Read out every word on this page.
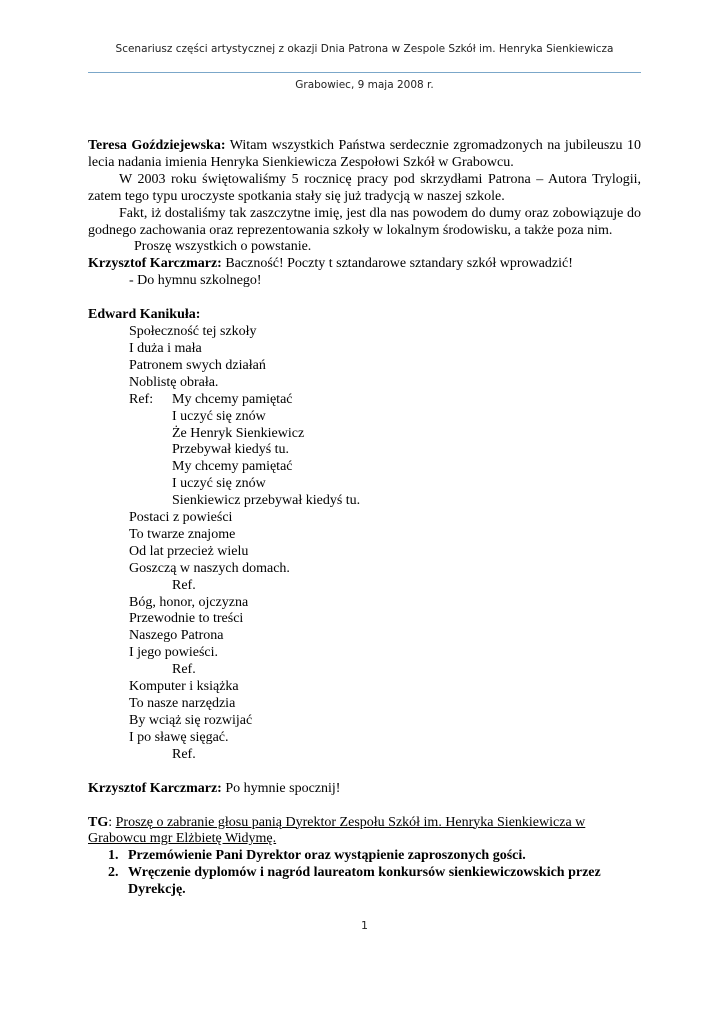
Scenariusz części artystycznej z okazji Dnia Patrona w Zespole Szkół im. Henryka Sienkiewicza
Grabowiec, 9 maja 2008 r.

Teresa Goździejewska: Witam wszystkich Państwa serdecznie zgromadzonych na jubileuszu 10 lecia nadania imienia Henryka Sienkiewicza Zespołowi Szkół w Grabowcu.

W 2003 roku świętowaliśmy 5 rocznicę pracy pod skrzydłami Patrona – Autora Trylogii, zatem tego typu uroczyste spotkania stały się już tradycją w naszej szkole.

Fakt, iż dostaliśmy tak zaszczytne imię, jest dla nas powodem do dumy oraz zobowiązuje do godnego zachowania oraz reprezentowania szkoły w lokalnym środowisku, a także poza nim.

Proszę wszystkich o powstanie.

Krzysztof Karczmarz: Baczność! Poczty t sztandarowe sztandary szkół wprowadzić!

- Do hymnu szkolnego!

Edward Kanikuła:

Społeczność tej szkoły
I duża i mała
Patronem swych działań
Noblistę obrała.
Ref: My chcemy pamiętać
I uczyć się znów
Że Henryk Sienkiewicz
Przebywał kiedyś tu.
My chcemy pamiętać
I uczyć się znów
Sienkiewicz przebywał kiedyś tu.
Postaci z powieści
To twarze znajome
Od lat przecież wielu
Goszczą w naszych domach.
Ref.
Bóg, honor, ojczyzna
Przewodnie to treści
Naszego Patrona
I jego powieści.
Ref.
Komputer i książka
To nasze narzędzia
By wciąż się rozwijać
I po sławę sięgać.
Ref.

Krzysztof Karczmarz: Po hymnie spocznij!

TG: Proszę o zabranie głosu panią Dyrektor Zespołu Szkół im. Henryka Sienkiewicza w Grabowcu mgr Elżbietę Widymę.

1. Przemówienie Pani Dyrektor oraz wystąpienie zaproszonych gości.
2. Wręczenie dyplomów i nagród laureatom konkursów sienkiewiczowskich przez Dyrekcję.
1
